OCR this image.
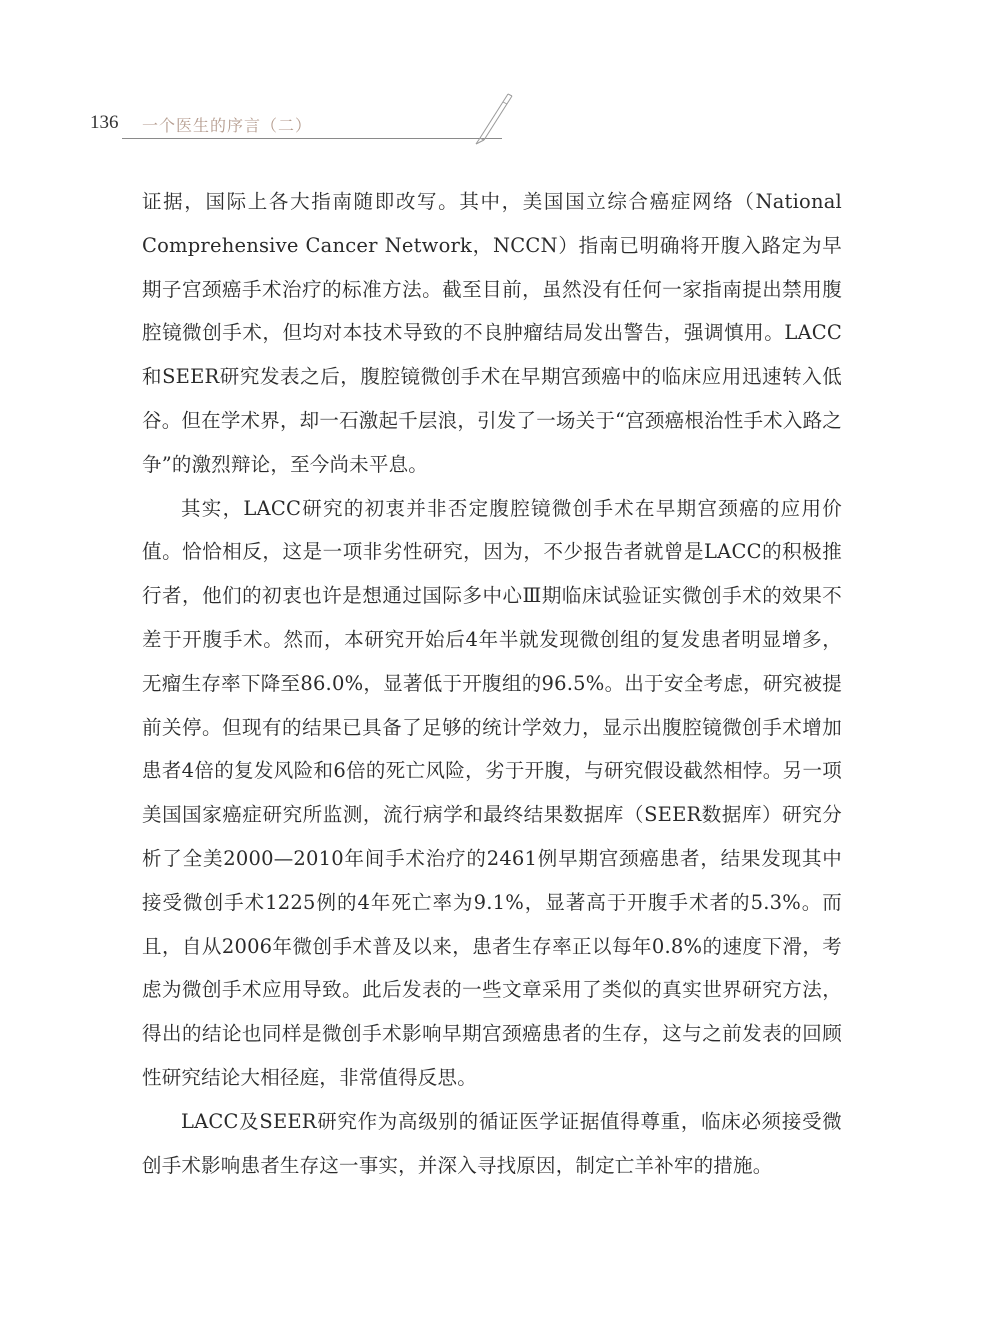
136 一个医生的序言（二）

证据，国际上各大指南随即改写。其中，美国国立综合癌症网络（National Comprehensive Cancer Network，NCCN）指南已明确将开腹入路定为早期子宫颈癌手术治疗的标准方法。截至目前，虽然没有任何一家指南提出禁用腹腔镜微创手术，但均对本技术导致的不良肿瘤结局发出警告，强调慎用。LACC和SEER研究发表之后，腹腔镜微创手术在早期宫颈癌中的临床应用迅速转入低谷。但在学术界，却一石激起千层浪，引发了一场关于“宫颈癌根治性手术入路之争”的激烈辩论，至今尚未平息。

其实，LACC研究的初衷并非否定腹腔镜微创手术在早期宫颈癌的应用价值。恰恰相反，这是一项非劣性研究，因为，不少报告者就曾是LACC的积极推行者，他们的初衷也许是想通过国际多中心Ⅲ期临床试验证实微创手术的效果不差于开腹手术。然而，本研究开始后4年半就发现微创组的复发患者明显增多，无瘤生存率下降至86.0%，显著低于开腹组的96.5%。出于安全考虑，研究被提前关停。但现有的结果已具备了足够的统计学效力，显示出腹腔镜微创手术增加患者4倍的复发风险和6倍的死亡风险，劣于开腹，与研究假设截然相悖。另一项美国国家癌症研究所监测，流行病学和最终结果数据库（SEER数据库）研究分析了全美2000—2010年间手术治疗的2461例早期宫颈癌患者，结果发现其中接受微创手术1225例的4年死亡率为9.1%，显著高于开腹手术者的5.3%。而且，自从2006年微创手术普及以来，患者生存率正以每年0.8%的速度下滑，考虑为微创手术应用导致。此后发表的一些文章采用了类似的真实世界研究方法，得出的结论也同样是微创手术影响早期宫颈癌患者的生存，这与之前发表的回顾性研究结论大相径庭，非常值得反思。

LACC及SEER研究作为高级别的循证医学证据值得尊重，临床必须接受微创手术影响患者生存这一事实，并深入寻找原因，制定亡羊补牢的措施。
